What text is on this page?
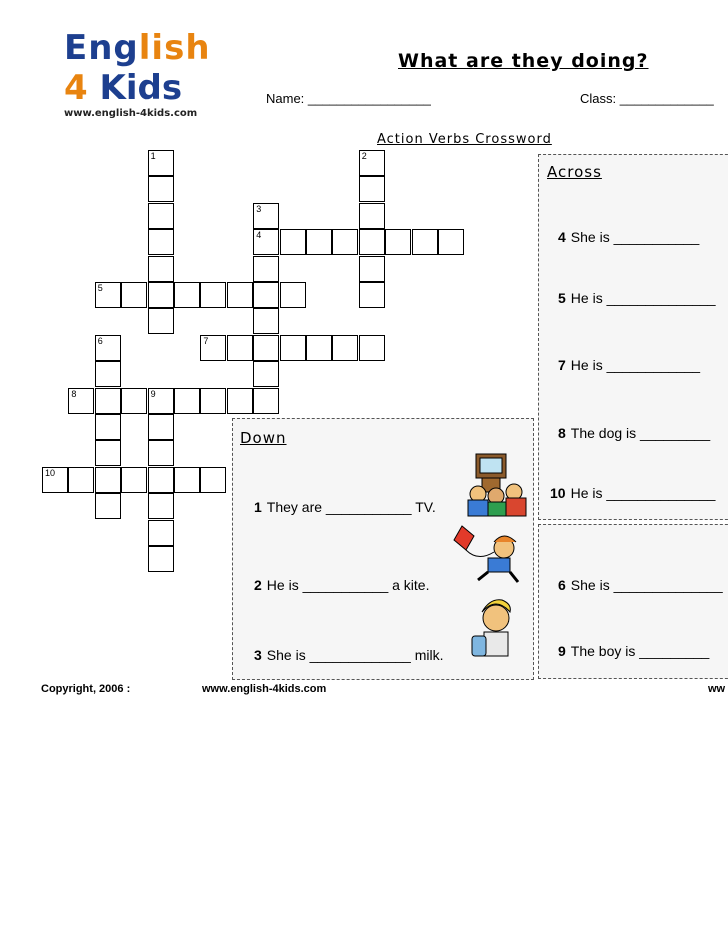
English
4 Kids
www.english-4kids.com
What are they doing?
Name: _________________	Class: _____________
Action Verbs Crossword
Across
4 She is ___________
5 He is ______________
7 He is ____________
8 The dog is _________
10 He is ______________
6 She is ______________
9 The boy is _________
Down
1 They are ___________ TV.
2 He is ___________ a kite.
3 She is _____________ milk.
1	2
3
4
5
6	7
8	9
10
Copyright, 2006 :	www.english-4kids.com	ww
